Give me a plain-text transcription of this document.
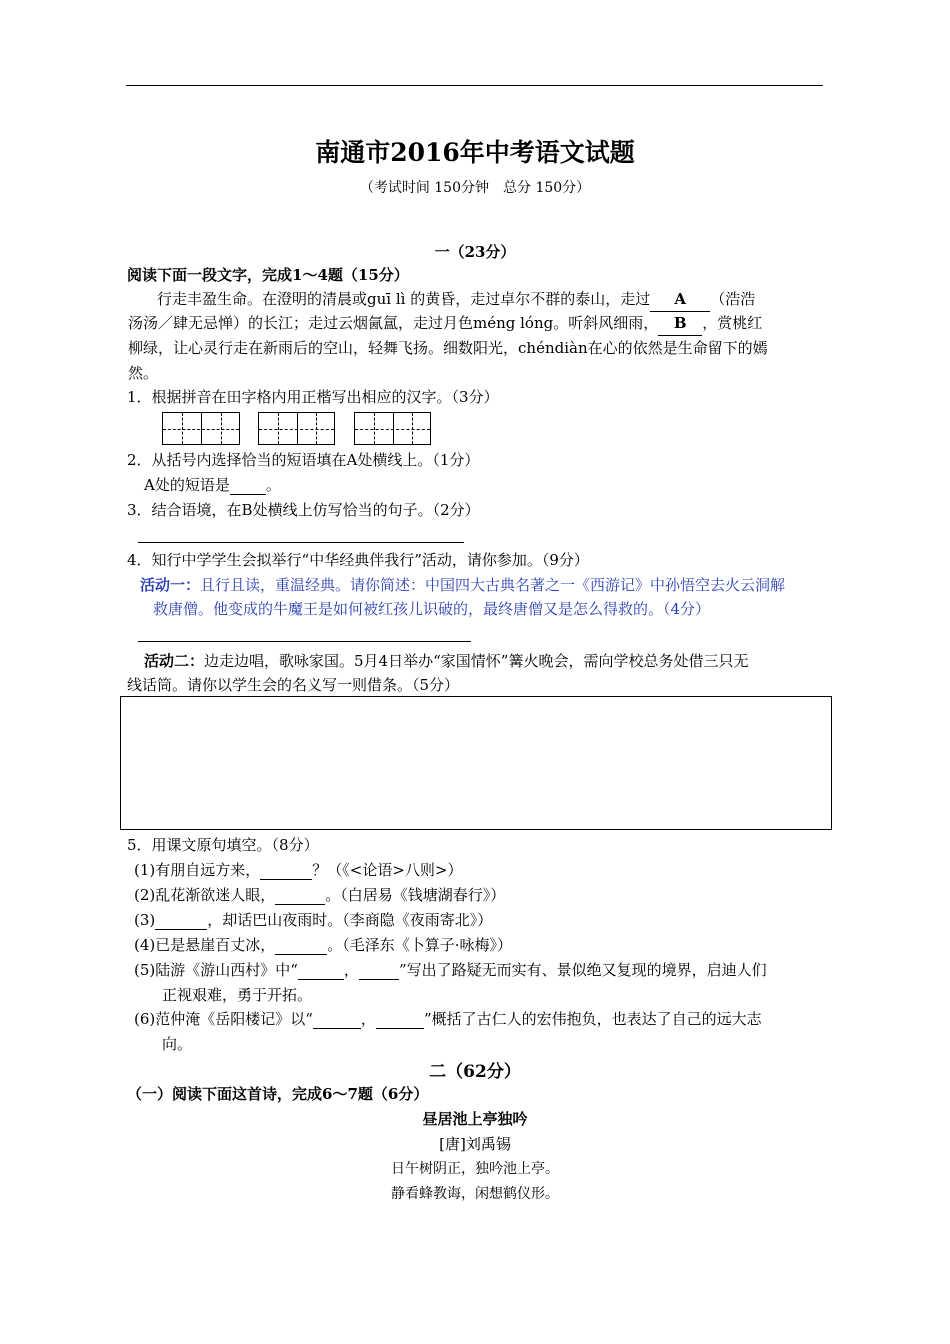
南通市2016年中考语文试题
（考试时间 150分钟　总分 150分）
一（23分）
阅读下面一段文字，完成1～4题（15分）
行走丰盈生命。在澄明的清晨或guī lì 的黄昏，走过卓尔不群的泰山，走过 A （浩浩
汤汤／肆无忌惮）的长江；走过云烟氤氲，走过月色méng lóng。听斜风细雨， B ，赏桃红
柳绿，让心灵行走在新雨后的空山，轻舞飞扬。细数阳光，chéndiàn在心的依然是生命留下的嫣
然。
1．根据拼音在田字格内用正楷写出相应的汉字。（3分）
2．从括号内选择恰当的短语填在A处横线上。（1分）
A处的短语是 。
3．结合语境，在B处横线上仿写恰当的句子。（2分）
4．知行中学学生会拟举行“中华经典伴我行”活动，请你参加。（9分）
活动一：且行且读，重温经典。请你简述：中国四大古典名著之一《西游记》中孙悟空去火云洞解
救唐僧。他变成的牛魔王是如何被红孩儿识破的，最终唐僧又是怎么得救的。（4分）
活动二：边走边唱，歌咏家国。5月4日举办“家国情怀”篝火晚会，需向学校总务处借三只无
线话筒。请你以学生会的名义写一则借条。（5分）
5．用课文原句填空。（8分）
(1)有朋自远方来，	？（《<论语>八则>）
(2)乱花渐欲迷人眼，	。（白居易《钱塘湖春行》）
(3)	，却话巴山夜雨时。（李商隐《夜雨寄北》）
(4)已是悬崖百丈冰，	。（毛泽东《卜算子·咏梅》）
(5)陆游《游山西村》中“	，	”写出了路疑无而实有、景似绝又复现的境界，启迪人们
正视艰难，勇于开拓。
(6)范仲淹《岳阳楼记》以“	，	”概括了古仁人的宏伟抱负，也表达了自己的远大志
向。
二（62分）
（一）阅读下面这首诗，完成6～7题（6分）
昼居池上亭独吟
[唐]刘禹锡
日午树阴正，独吟池上亭。
静看蜂教诲，闲想鹤仪形。
